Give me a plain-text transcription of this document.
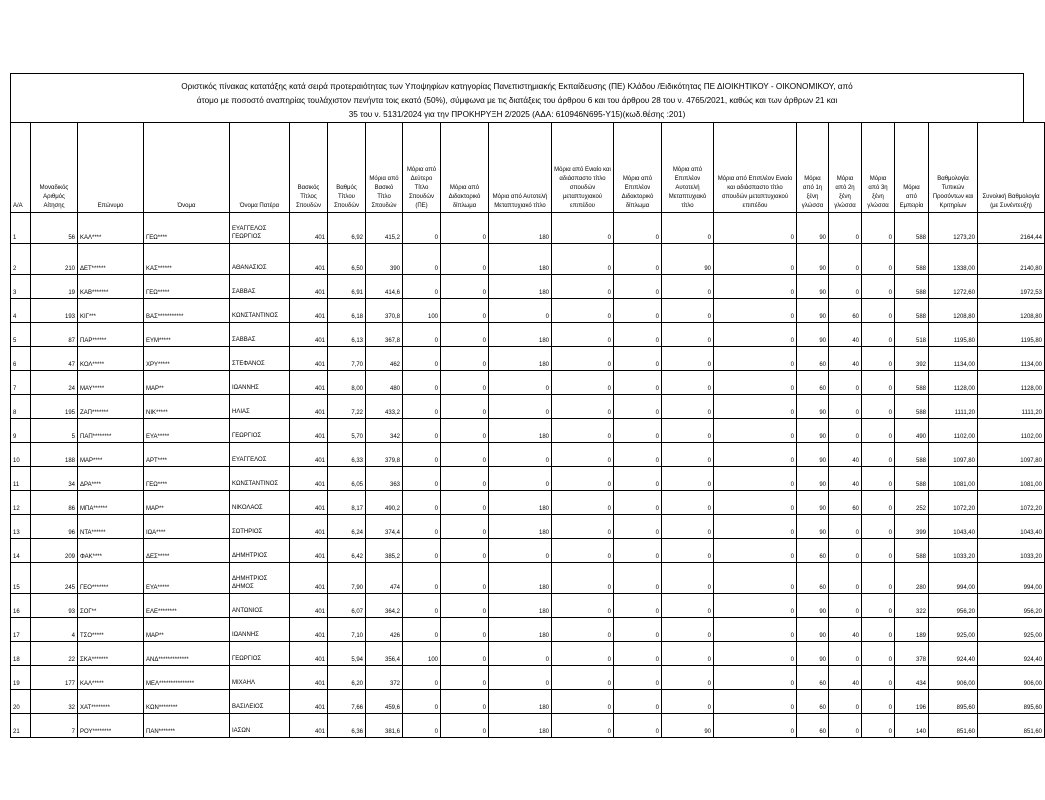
Οριστικός πίνακας κατατάξης κατά σειρά προτεραιότητας των Υποψηφίων κατηγορίας Πανεπιστημιακής Εκπαίδευσης (ΠΕ) Κλάδου /Ειδικότητας ΠΕ ΔΙΟΙΚΗΤΙΚΟΥ - ΟΙΚΟΝΟΜΙΚΟΥ, από
άτομο με ποσοστό αναπηρίας τουλάχιστον πενήντα τοις εκατό (50%), σύμφωνα με τις διατάξεις του άρθρου 6 και του άρθρου 28 του ν. 4765/2021, καθώς και των άρθρων 21 και
35 του ν. 5131/2024 για την ΠΡΟΚΗΡΥΞΗ 2/2025 (ΑΔΑ: 610946Ν695-Υ15)(κωδ.θέσης :201)
Α/Α	Μοναδικός Αριθμός Αίτησης	Επώνυμο	Όνομα	Όνομα Πατέρα	Βασικός Τίτλος Σπουδών	Βαθμός Τίτλου Σπουδών	Μόρια από Βασικό Τίτλο Σπουδών	Μόρια από Δεύτερο Τίτλο Σπουδών (ΠΕ)	Μόρια από Διδακτορικό δίπλωμα	Μόρια από Αυτοτελή Μεταπτυχιακό τίτλο	Μόρια από Ενιαίο και αδιάσπαστο τίτλο σπουδών μεταπτυχιακού επιπέδου	Μόρια από Επιπλέον Διδακτορικό δίπλωμα	Μόρια από Επιπλέον Αυτοτελή Μεταπτυχιακό τίτλο	Μόρια από Επιπλέον Ενιαίο και αδιάσπαστο τίτλο σπουδών μεταπτυχιακού επιπέδου	Μόρια από 1η ξένη γλώσσα	Μόρια από 2η ξένη γλώσσα	Μόρια από 3η ξένη γλώσσα	Μόρια από Εμπειρία	Βαθμολογία Τυπικών Προσόντων και Κριτηρίων	Συνολική Βαθμολογία (με Συνέντευξη)
1	56	ΚΑΛ****	ΓΕΩ****	ΕΥΑΓΓΕΛΟΣ ΓΕΩΡΓΙΟΣ	401	6,92	415,2	0	0	180	0	0	0	0	90	0	0	588	1273,20	2164,44
2	210	ΔΕΤ******	ΚΑΣ******	ΑΘΑΝΑΣΙΟΣ	401	6,50	390	0	0	180	0	0	90	0	90	0	0	588	1338,00	2140,80
3	19	ΚΑΒ*******	ΓΕΩ*****	ΣΑΒΒΑΣ	401	6,91	414,6	0	0	180	0	0	0	0	90	0	0	588	1272,60	1972,53
4	193	ΚΙΓ***	ΒΑΣ***********	ΚΩΝΣΤΑΝΤΙΝΟΣ	401	6,18	370,8	100	0	0	0	0	0	0	90	60	0	588	1208,80	1208,80
5	87	ΠΑΡ******	ΕΥΜ*****	ΣΑΒΒΑΣ	401	6,13	367,8	0	0	180	0	0	0	0	90	40	0	518	1195,80	1195,80
6	47	ΚΟΛ*****	ΧΡΥ*****	ΣΤΕΦΑΝΟΣ	401	7,70	462	0	0	180	0	0	0	0	60	40	0	392	1134,00	1134,00
7	24	ΜΑΥ*****	ΜΑΡ**	ΙΩΑΝΝΗΣ	401	8,00	480	0	0	0	0	0	0	0	60	0	0	588	1128,00	1128,00
8	195	ΖΑΠ*******	ΝΙΚ*****	ΗΛΙΑΣ	401	7,22	433,2	0	0	0	0	0	0	0	90	0	0	588	1111,20	1111,20
9	5	ΠΑΠ********	ΕΥΑ*****	ΓΕΩΡΓΙΟΣ	401	5,70	342	0	0	180	0	0	0	0	90	0	0	490	1102,00	1102,00
10	188	ΜΑΡ****	ΑΡΤ****	ΕΥΑΓΓΕΛΟΣ	401	6,33	379,8	0	0	0	0	0	0	0	90	40	0	588	1097,80	1097,80
11	34	ΔΡΑ****	ΓΕΩ****	ΚΩΝΣΤΑΝΤΙΝΟΣ	401	6,05	363	0	0	0	0	0	0	0	90	40	0	588	1081,00	1081,00
12	86	ΜΠΑ******	ΜΑΡ**	ΝΙΚΟΛΑΟΣ	401	8,17	490,2	0	0	180	0	0	0	0	90	60	0	252	1072,20	1072,20
13	96	ΝΤΑ******	ΙΩΑ****	ΣΩΤΗΡΙΟΣ	401	6,24	374,4	0	0	180	0	0	0	0	90	0	0	399	1043,40	1043,40
14	209	ΦΑΚ****	ΔΕΣ*****	ΔΗΜΗΤΡΙΟΣ	401	6,42	385,2	0	0	0	0	0	0	0	60	0	0	588	1033,20	1033,20
15	245	ΓΕΟ*******	ΕΥΑ*****	ΔΗΜΗΤΡΙΟΣ ΔΗΜΟΣ	401	7,90	474	0	0	180	0	0	0	0	60	0	0	280	994,00	994,00
16	93	ΣΟΓ**	ΕΛΕ********	ΑΝΤΩΝΙΟΣ	401	6,07	364,2	0	0	180	0	0	0	0	90	0	0	322	956,20	956,20
17	4	ΤΣΟ*****	ΜΑΡ**	ΙΩΑΝΝΗΣ	401	7,10	426	0	0	180	0	0	0	0	90	40	0	189	925,00	925,00
18	22	ΣΚΑ*******	ΑΝΔ*************	ΓΕΩΡΓΙΟΣ	401	5,94	356,4	100	0	0	0	0	0	0	90	0	0	378	924,40	924,40
19	177	ΚΑΛ*****	ΜΕΛ***************	ΜΙΧΑΗΛ	401	6,20	372	0	0	0	0	0	0	0	60	40	0	434	906,00	906,00
20	32	ΧΑΤ********	ΚΩΝ********	ΒΑΣΙΛΕΙΟΣ	401	7,66	459,6	0	0	180	0	0	0	0	60	0	0	196	895,60	895,60
21	7	ΡΟΥ********	ΠΑΝ*******	ΙΑΣΩΝ	401	6,36	381,6	0	0	180	0	0	90	0	60	0	0	140	851,60	851,60
